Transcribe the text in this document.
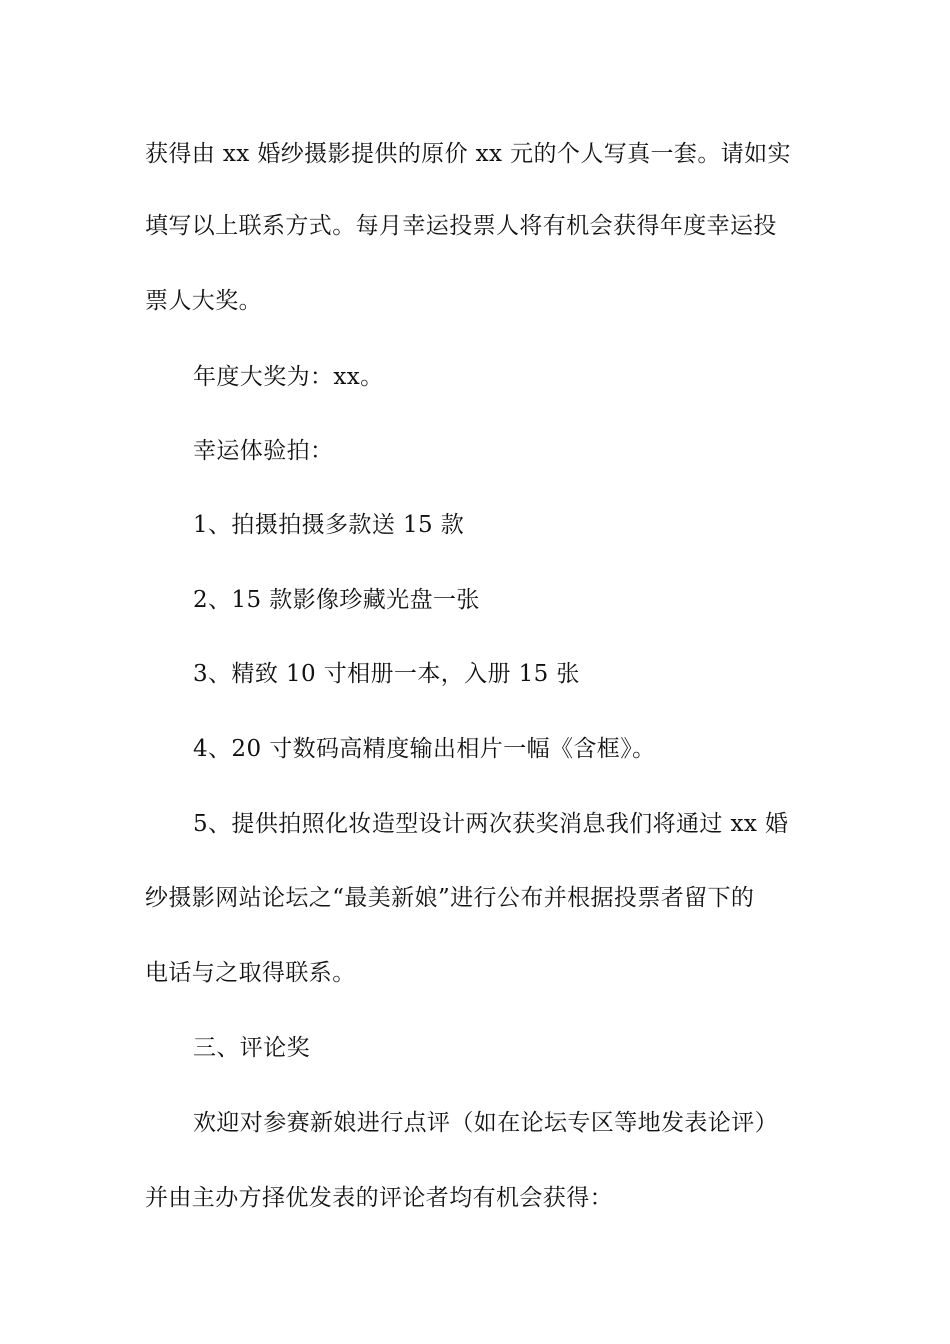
获得由 xx 婚纱摄影提供的原价 xx 元的个人写真一套。请如实
填写以上联系方式。每月幸运投票人将有机会获得年度幸运投
票人大奖。
年度大奖为：xx。
幸运体验拍：
1、拍摄拍摄多款送 15 款
2、15 款影像珍藏光盘一张
3、精致 10 寸相册一本，入册 15 张
4、20 寸数码高精度输出相片一幅《含框》。
5、提供拍照化妆造型设计两次获奖消息我们将通过 xx 婚
纱摄影网站论坛之“最美新娘”进行公布并根据投票者留下的
电话与之取得联系。
三、评论奖
欢迎对参赛新娘进行点评（如在论坛专区等地发表论评）
并由主办方择优发表的评论者均有机会获得：
